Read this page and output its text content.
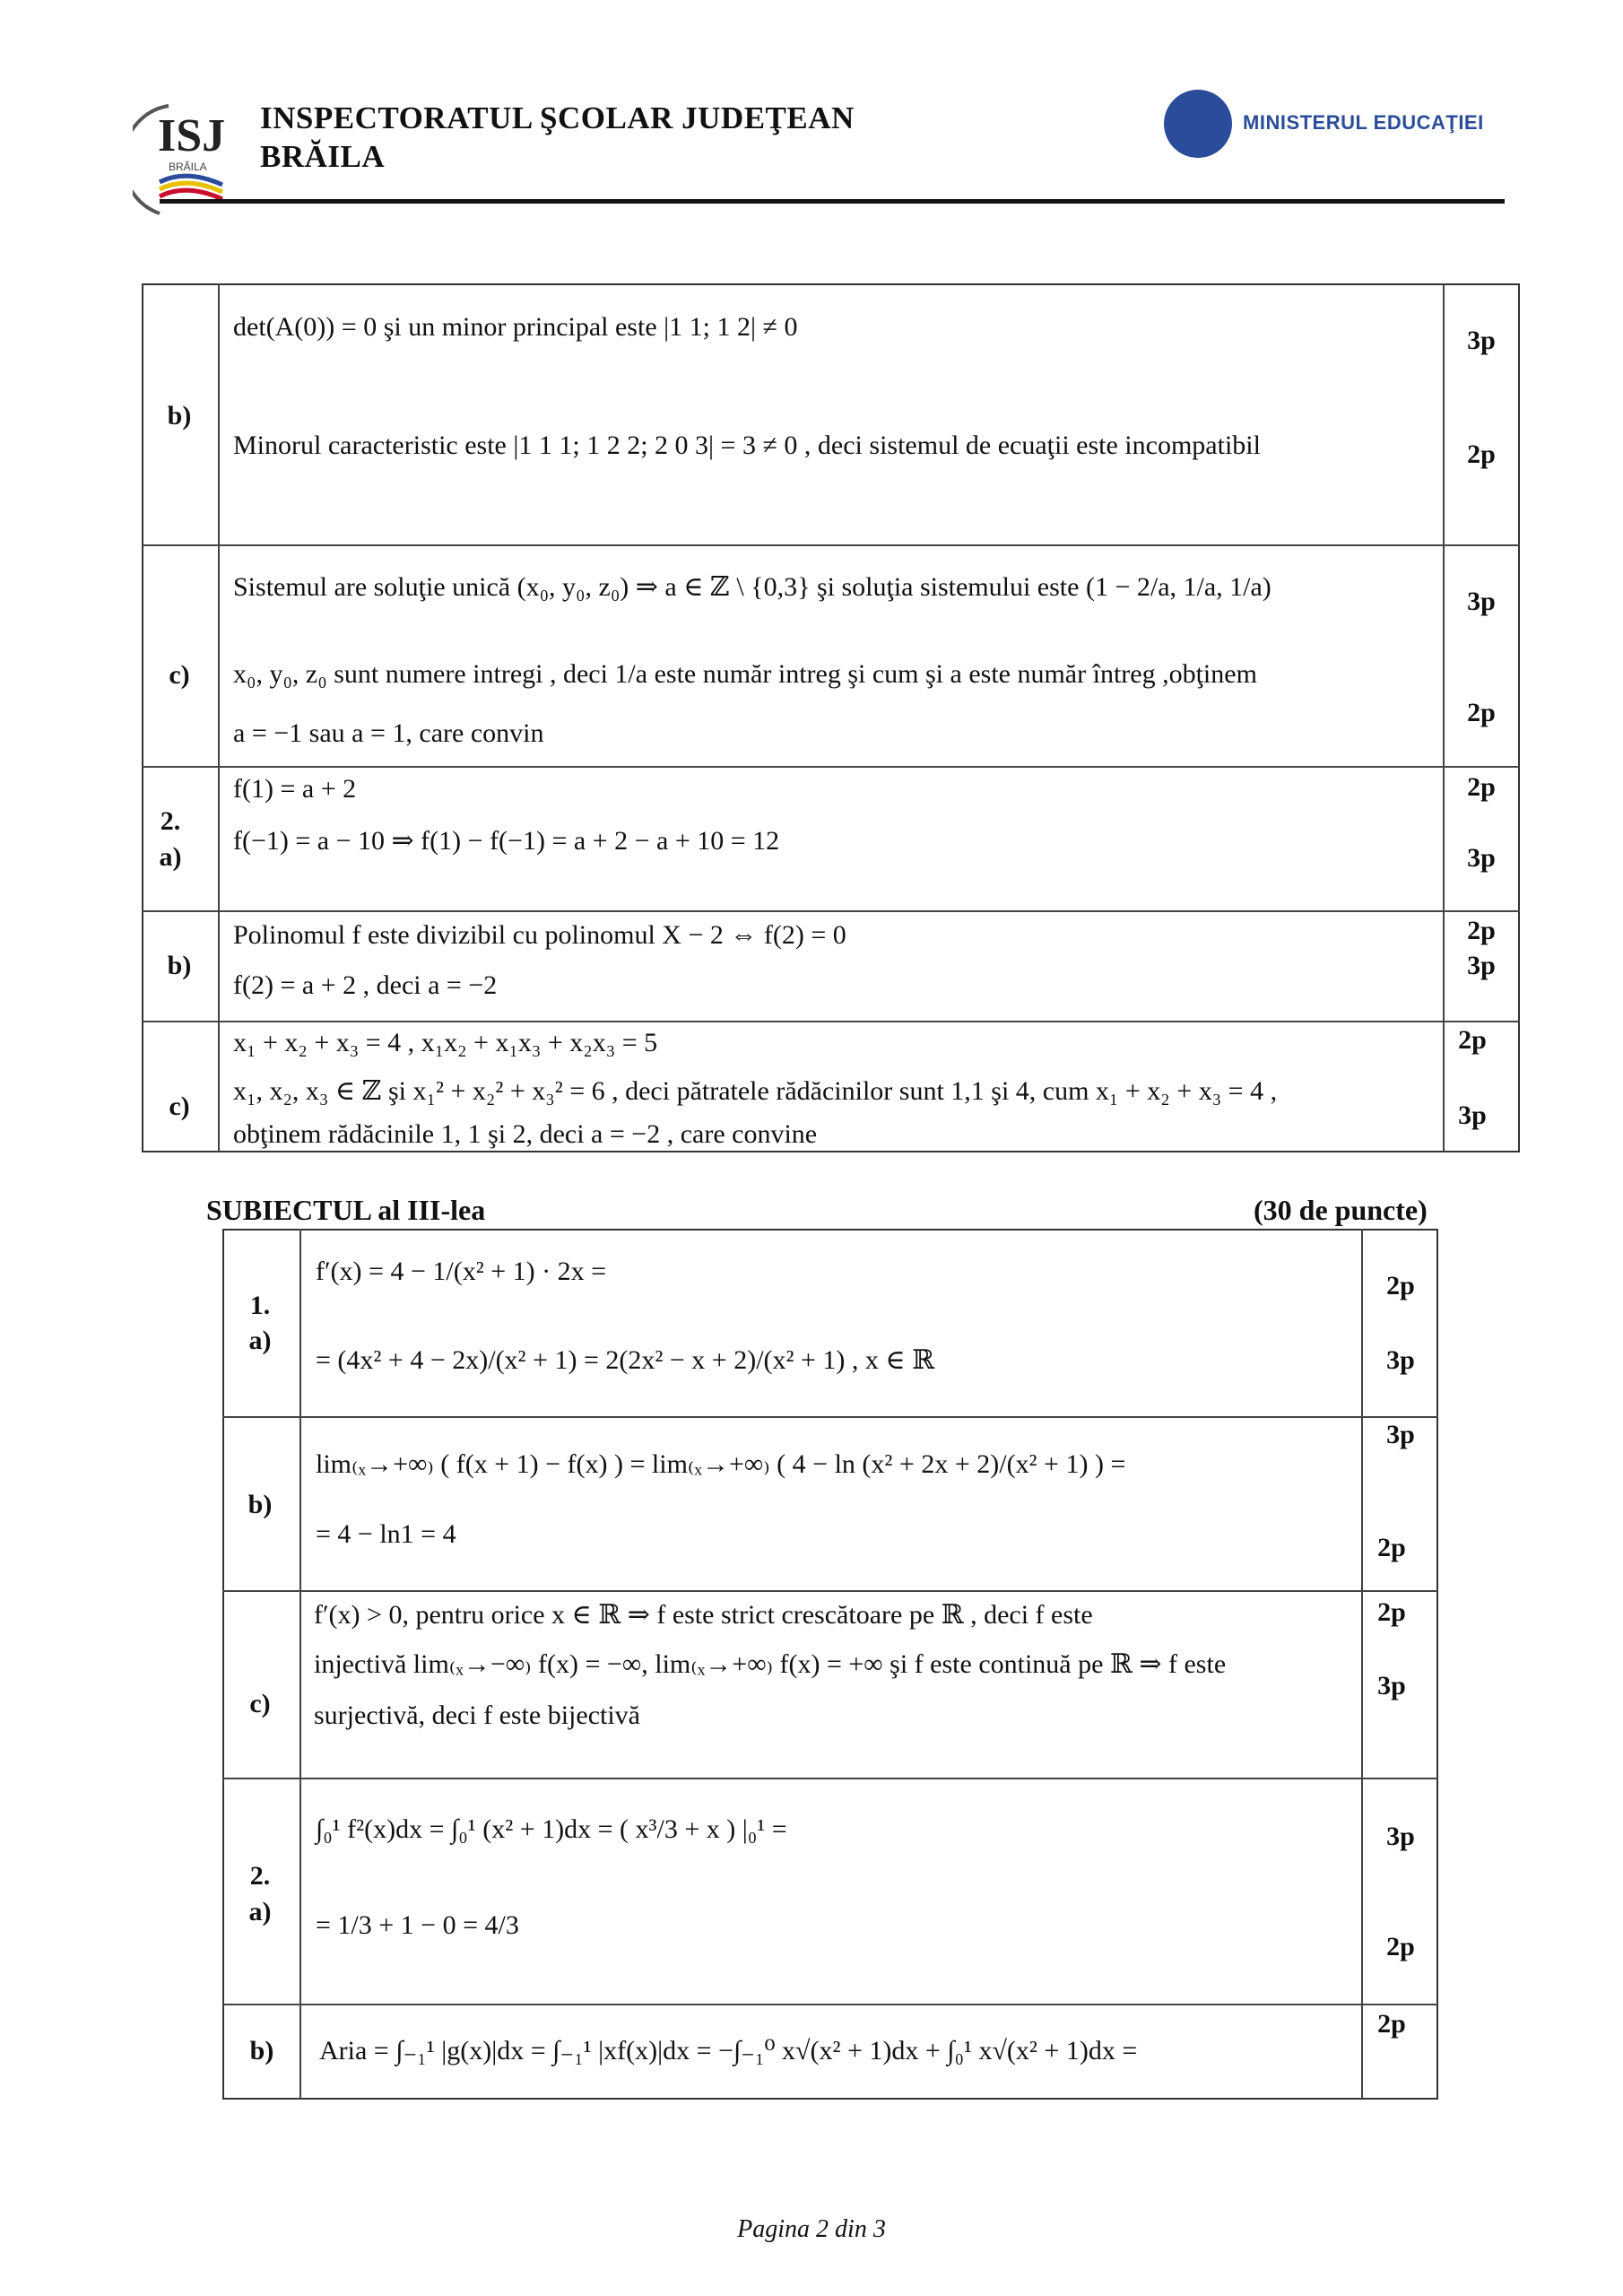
ISJ
BRĂILA
INSPECTORATUL ŞCOLAR JUDEŢEAN
BRĂILA
MINISTERUL EDUCAŢIEI
b)
det(A(0)) = 0 şi un minor principal este |1 1; 1 2| ≠ 0
Minorul caracteristic este |1 1 1; 1 2 2; 2 0 3| = 3 ≠ 0 , deci sistemul de ecuaţii este incompatibil
3p
2p
c)
Sistemul are soluţie unică (x₀, y₀, z₀) ⇒ a ∈ ℤ \ {0,3} şi soluţia sistemului este (1 − 2/a, 1/a, 1/a)
x₀, y₀, z₀ sunt numere intregi , deci 1/a este număr intreg şi cum şi a este număr întreg ,obţinem
a = −1 sau a = 1, care convin
3p
2p
2.
a)
f(1) = a + 2
f(−1) = a − 10 ⇒ f(1) − f(−1) = a + 2 − a + 10 = 12
2p
3p
b)
Polinomul f este divizibil cu polinomul X − 2 ⇔ f(2) = 0
f(2) = a + 2 , deci a = −2
2p
3p
c)
x₁ + x₂ + x₃ = 4 , x₁x₂ + x₁x₃ + x₂x₃ = 5
x₁, x₂, x₃ ∈ ℤ şi x₁² + x₂² + x₃² = 6 , deci pătratele rădăcinilor sunt 1,1 şi 4, cum x₁ + x₂ + x₃ = 4 ,
obţinem rădăcinile 1, 1 şi 2, deci a = −2 , care convine
2p
3p
SUBIECTUL al III-lea	(30 de puncte)
1.
a)
f′(x) = 4 − 1/(x² + 1) · 2x =
= (4x² + 4 − 2x)/(x² + 1) = 2(2x² − x + 2)/(x² + 1) , x ∈ ℝ
2p
3p
b)
lim₍ₓ→+∞₎ ( f(x + 1) − f(x) ) = lim₍ₓ→+∞₎ ( 4 − ln (x² + 2x + 2)/(x² + 1) ) =
= 4 − ln1 = 4
3p
2p
c)
f′(x) > 0, pentru orice x ∈ ℝ ⇒ f este strict crescătoare pe ℝ , deci f este
injectivă lim₍ₓ→−∞₎ f(x) = −∞, lim₍ₓ→+∞₎ f(x) = +∞ şi f este continuă pe ℝ ⇒ f este
surjectivă, deci f este bijectivă
2p
3p
2.
a)
∫₀¹ f²(x)dx = ∫₀¹ (x² + 1)dx = ( x³/3 + x ) |₀¹ =
= 1/3 + 1 − 0 = 4/3
3p
2p
b) Aria = ∫₋₁¹ |g(x)|dx = ∫₋₁¹ |xf(x)|dx = −∫₋₁⁰ x√(x² + 1)dx + ∫₀¹ x√(x² + 1)dx =
2p
Pagina 2 din 3
